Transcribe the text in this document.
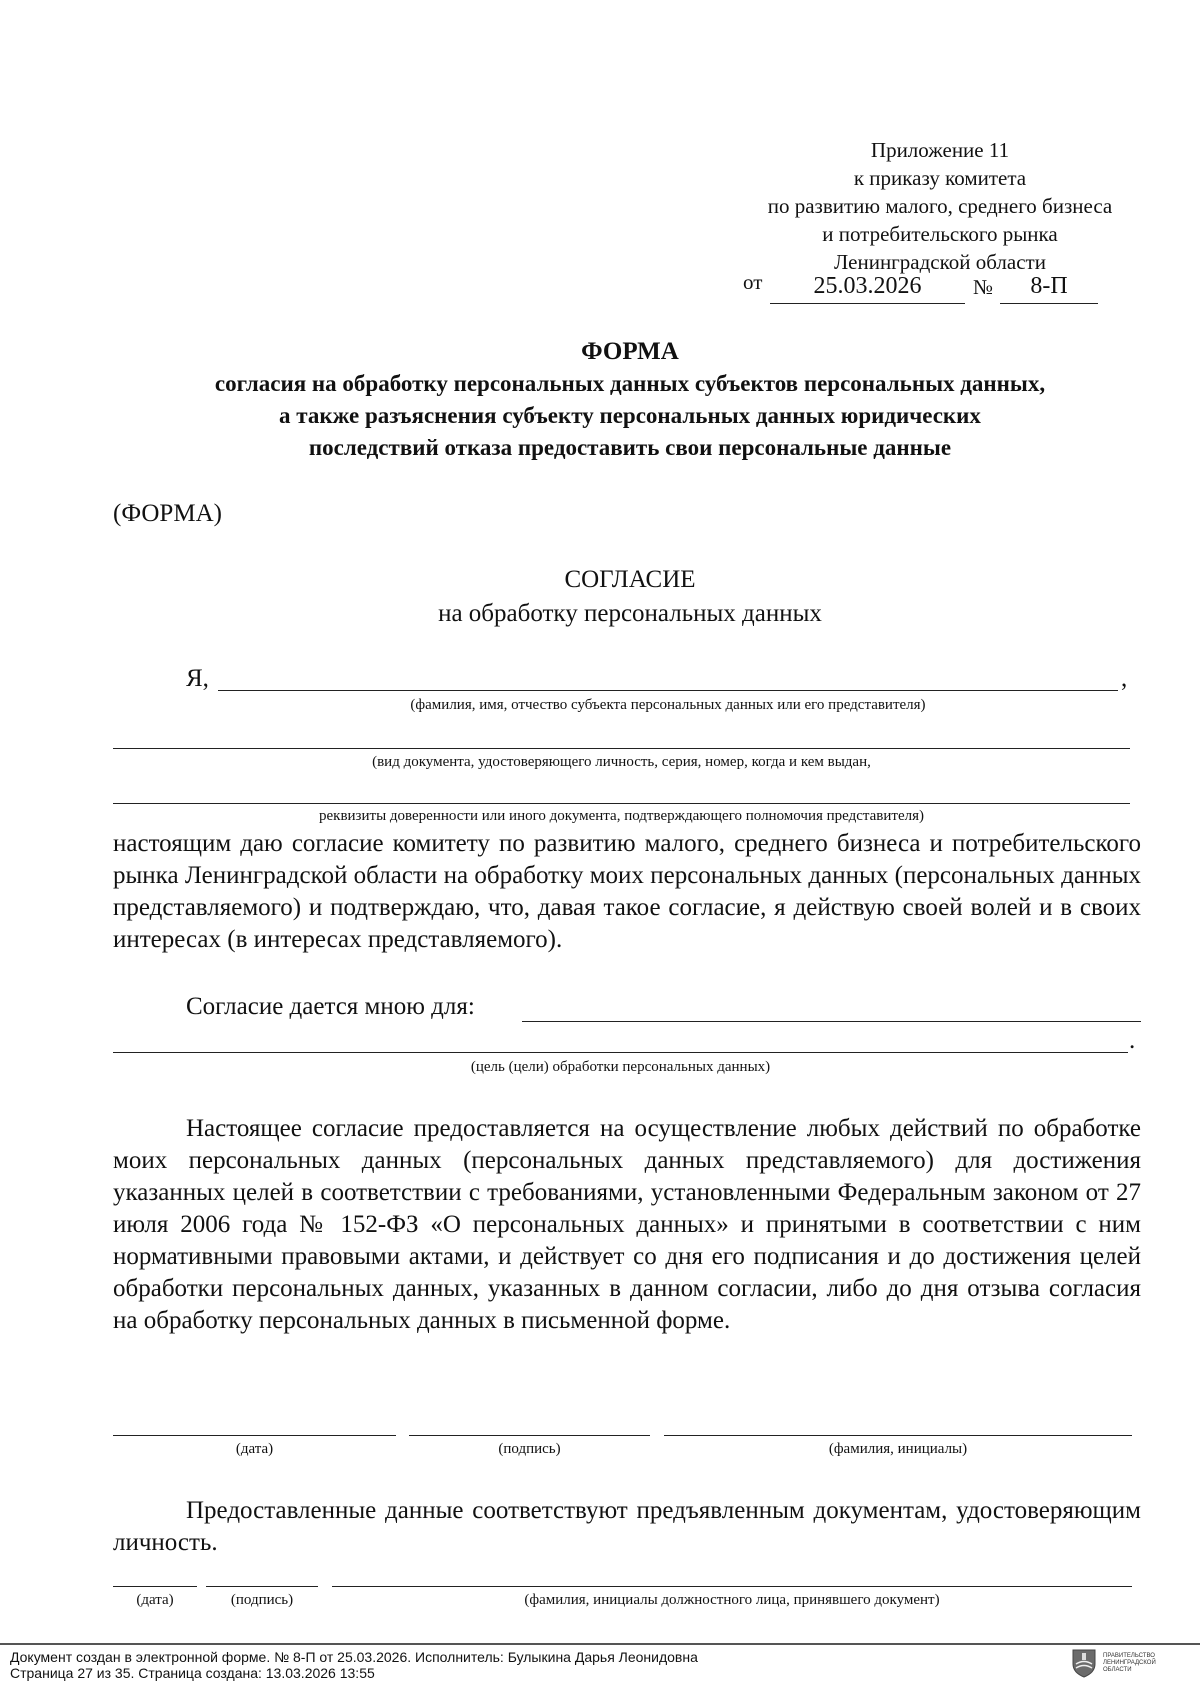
Приложение 11
к приказу комитета
по развитию малого, среднего бизнеса
и потребительского рынка
Ленинградской области
от	25.03.2026	№	8-П
ФОРМА
согласия на обработку персональных данных субъектов персональных данных,
а также разъяснения субъекту персональных данных юридических
последствий отказа предоставить свои персональные данные
(ФОРМА)
СОГЛАСИЕ
на обработку персональных данных
Я,	,
(фамилия, имя, отчество субъекта персональных данных или его представителя)
(вид документа, удостоверяющего личность, серия, номер, когда и кем выдан,
реквизиты доверенности или иного документа, подтверждающего полномочия представителя)
настоящим даю согласие комитету по развитию малого, среднего бизнеса и потребительского рынка Ленинградской области на обработку моих персональных данных (персональных данных представляемого) и подтверждаю, что, давая такое согласие, я действую своей волей и в своих интересах (в интересах представляемого).
Согласие дается мною для:
.
(цель (цели) обработки персональных данных)
Настоящее согласие предоставляется на осуществление любых действий по обработке моих персональных данных (персональных данных представляемого) для достижения указанных целей в соответствии с требованиями, установленными Федеральным законом от 27 июля 2006 года № 152-ФЗ «О персональных данных» и принятыми в соответствии с ним нормативными правовыми актами, и действует со дня его подписания и до достижения целей обработки персональных данных, указанных в данном согласии, либо до дня отзыва согласия на обработку персональных данных в письменной форме.
(дата)	(подпись)	(фамилия, инициалы)
Предоставленные данные соответствуют предъявленным документам, удостоверяющим личность.
(дата)	(подпись)	(фамилия, инициалы должностного лица, принявшего документ)
Документ создан в электронной форме. № 8-П от 25.03.2026. Исполнитель: Булыкина Дарья Леонидовна
Страница 27 из 35. Страница создана: 13.03.2026 13:55
ПРАВИТЕЛЬСТВО ЛЕНИНГРАДСКОЙ ОБЛАСТИ
